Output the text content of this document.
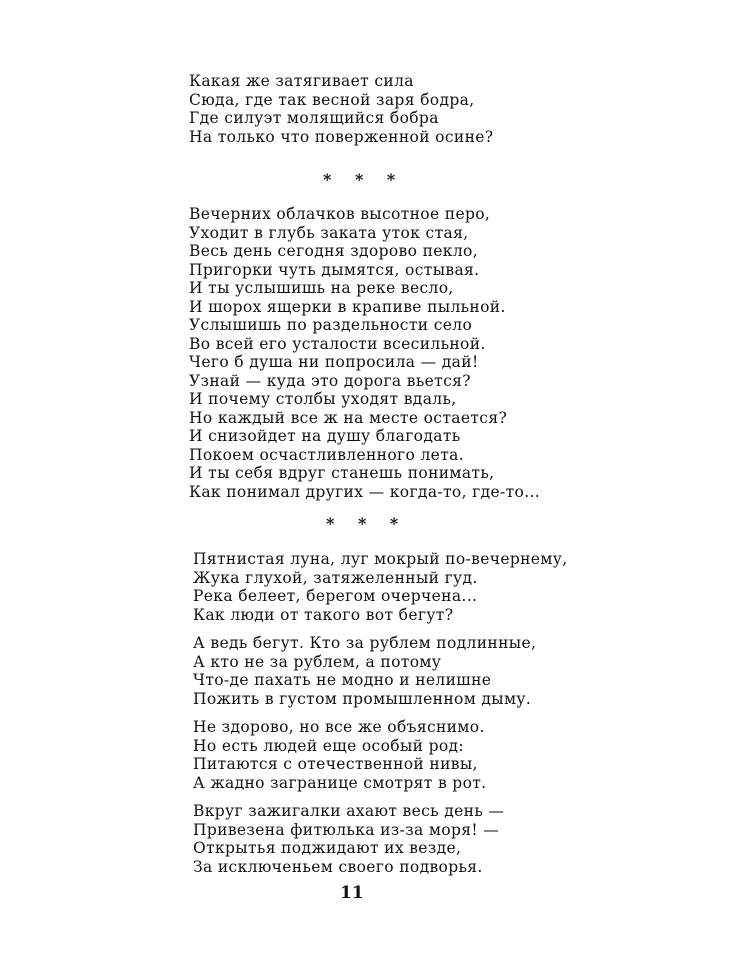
Какая же затягивает сила
Сюда, где так весной заря бодра,
Где силуэт молящийся бобра
На только что поверженной осине?
* * *
Вечерних облачков высотное перо,
Уходит в глубь заката уток стая,
Весь день сегодня здорово пекло,
Пригорки чуть дымятся, остывая.
И ты услышишь на реке весло,
И шорох ящерки в крапиве пыльной.
Услышишь по раздельности село
Во всей его усталости всесильной.
Чего б душа ни попросила — дай!
Узнай — куда это дорога вьется?
И почему столбы уходят вдаль,
Но каждый все ж на месте остается?
И снизойдет на душу благодать
Покоем осчастливленного лета.
И ты себя вдруг станешь понимать,
Как понимал других — когда-то, где-то...
* * *
Пятнистая луна, луг мокрый по-вечернему,
Жука глухой, затяжеленный гуд.
Река белеет, берегом очерчена...
Как люди от такого вот бегут?
А ведь бегут. Кто за рублем подлинные,
А кто не за рублем, а потому
Что-де пахать не модно и нелишне
Пожить в густом промышленном дыму.
Не здорово, но все же объяснимо.
Но есть людей еще особый род:
Питаются с отечественной нивы,
А жадно загранице смотрят в рот.
Вкруг зажигалки ахают весь день —
Привезена фитюлька из-за моря! —
Открытья поджидают их везде,
За исключеньем своего подворья.
11
